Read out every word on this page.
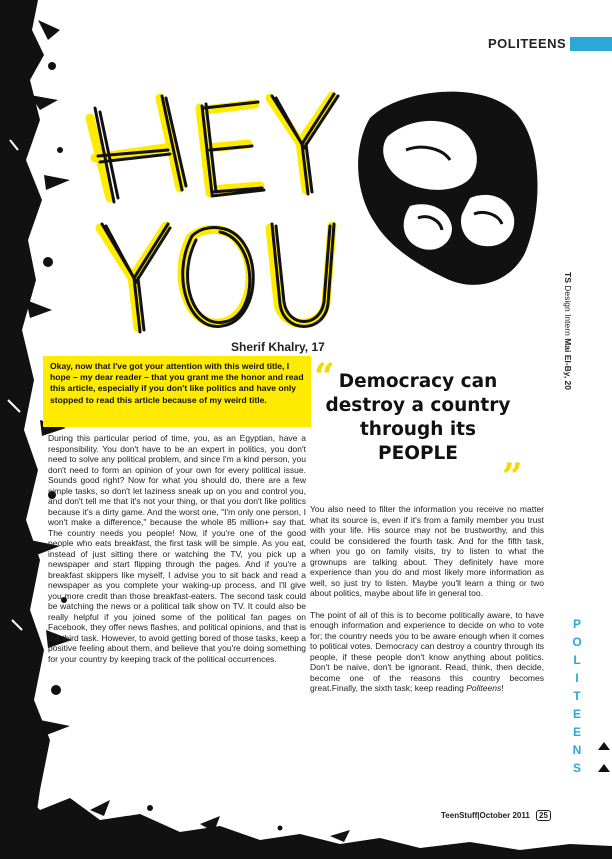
POLITEENS
Sherif Khalry, 17
Okay, now that I've got your attention with this weird title, I hope – my dear reader – that you grant me the honor and read this article, especially if you don't like politics and have only stopped to read this article because of my weird title.
“ Democracy can destroy a country through its PEOPLE
”

During this particular period of time, you, as an Egyptian, have a responsibility. You don't have to be an expert in politics, you don't need to solve any political problem, and since I'm a kind person, you don't need to form an opinion of your own for every political issue. Sounds good right? Now for what you should do, there are a few simple tasks, so don't let laziness sneak up on you and control you, and don't tell me that it's not your thing, or that you don't like politics because it's a dirty game. And the worst one, "I'm only one person, I won't make a difference," because the whole 85 million+ say that. The country needs you people! Now, if you're one of the good people who eats breakfast, the first task will be simple. As you eat, instead of just sitting there or watching the TV, you pick up a newspaper and start flipping through the pages. And if you're a breakfast skippers like myself, I advise you to sit back and read a newspaper as you complete your waking-up process, and I'll give you more credit than those breakfast-eaters. The second task could be watching the news or a political talk show on TV. It could also be really helpful if you joined some of the political fan pages on Facebook, they offer news flashes, and political opinions, and that is the third task. However, to avoid getting bored of those tasks, keep a positive feeling about them, and believe that you're doing something for your country by keeping track of the political occurrences.

You also need to filter the information you receive no matter what its source is, even if it's from a family member you trust with your life. His source may not be trustworthy, and this could be considered the fourth task. And for the fifth task, when you go on family visits, try to listen to what the grownups are talking about. They definitely have more experience than you do and most likely more information as well, so just try to listen. Maybe you'll learn a thing or two about politics, maybe about life in general too.

The point of all of this is to become politically aware, to have enough information and experience to decide on who to vote for; the country needs you to be aware enough when it comes to political votes. Democracy can destroy a country through its people, if these people don't know anything about politics. Don't be naive, don't be ignorant. Read, think, then decide, become one of the reasons this country becomes great.Finally, the sixth task; keep reading Politeens!

TS Design Intern Mai El-By, 20
P
O
L
I
T
E
E
N
S
TeenStuff|October 2011 25
